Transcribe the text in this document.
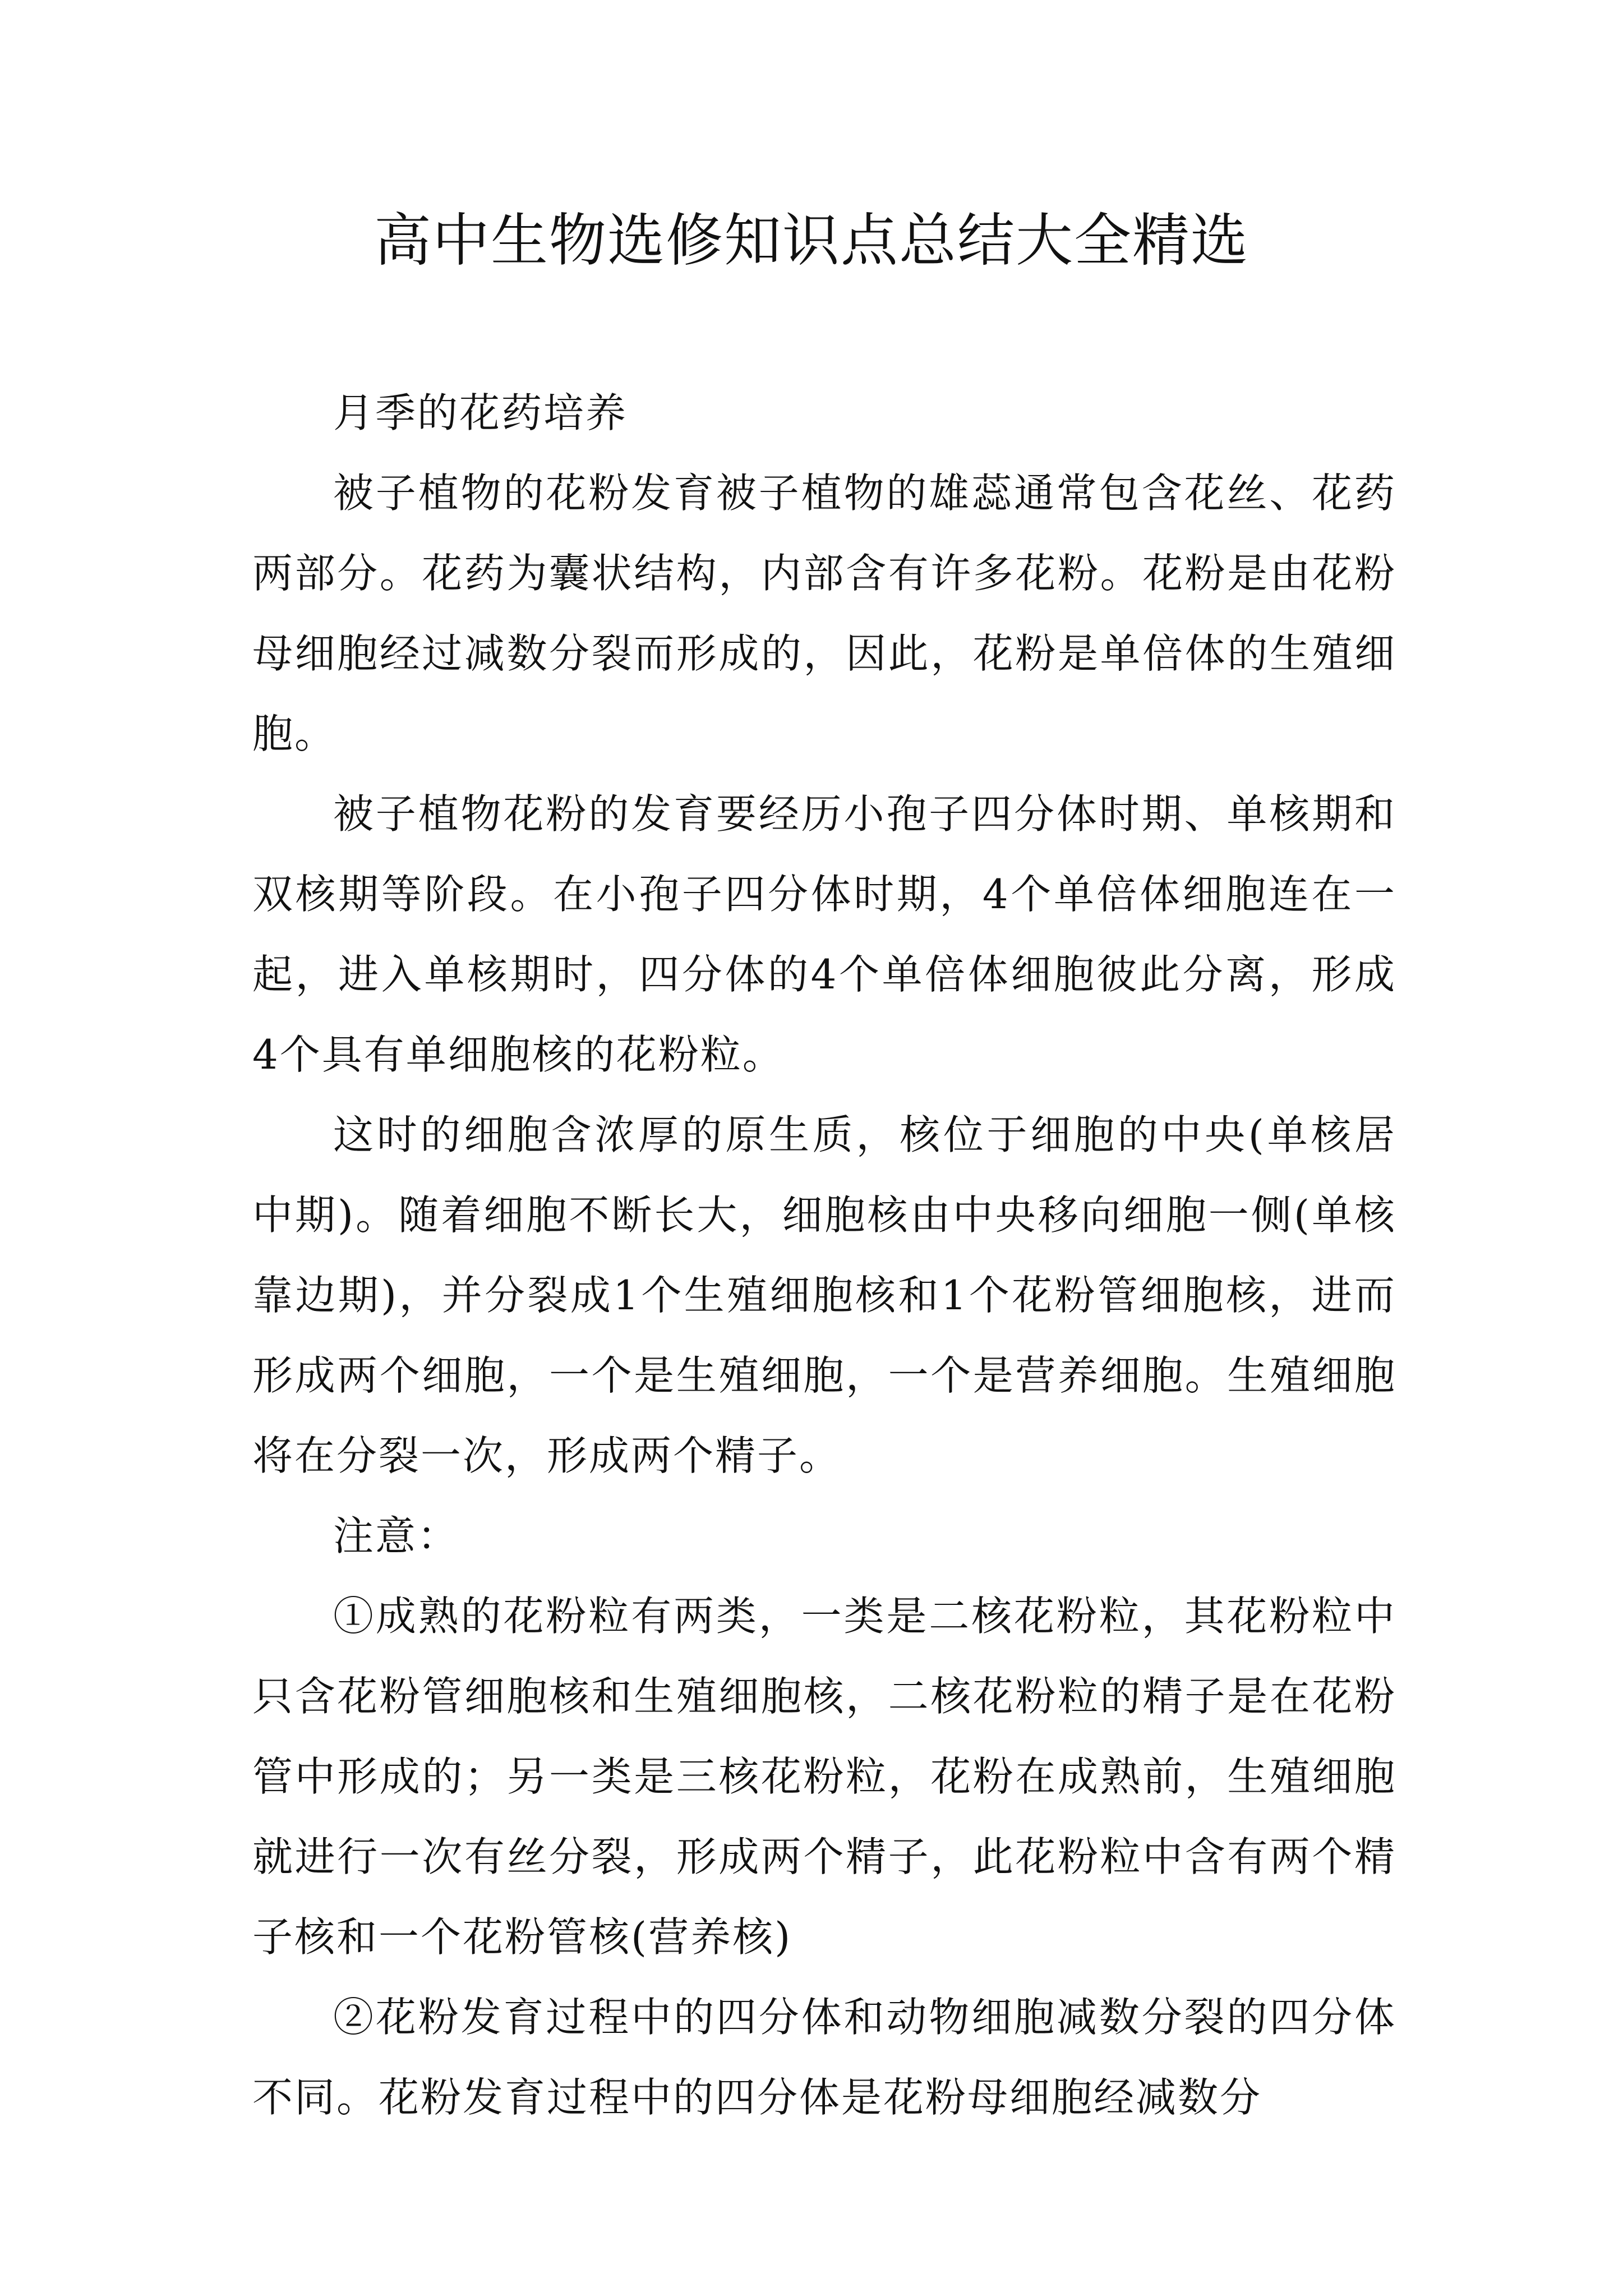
高中生物选修知识点总结大全精选

月季的花药培养

被子植物的花粉发育被子植物的雄蕊通常包含花丝、花药两部分。花药为囊状结构，内部含有许多花粉。花粉是由花粉母细胞经过减数分裂而形成的，因此，花粉是单倍体的生殖细胞。

被子植物花粉的发育要经历小孢子四分体时期、单核期和双核期等阶段。在小孢子四分体时期，4个单倍体细胞连在一起，进入单核期时，四分体的4个单倍体细胞彼此分离，形成4个具有单细胞核的花粉粒。

这时的细胞含浓厚的原生质，核位于细胞的中央(单核居中期)。随着细胞不断长大，细胞核由中央移向细胞一侧(单核靠边期)，并分裂成1个生殖细胞核和1个花粉管细胞核，进而形成两个细胞，一个是生殖细胞，一个是营养细胞。生殖细胞将在分裂一次，形成两个精子。

注意：

①成熟的花粉粒有两类，一类是二核花粉粒，其花粉粒中只含花粉管细胞核和生殖细胞核，二核花粉粒的精子是在花粉管中形成的；另一类是三核花粉粒，花粉在成熟前，生殖细胞就进行一次有丝分裂，形成两个精子，此花粉粒中含有两个精子核和一个花粉管核(营养核)

②花粉发育过程中的四分体和动物细胞减数分裂的四分体不同。花粉发育过程中的四分体是花粉母细胞经减数分
